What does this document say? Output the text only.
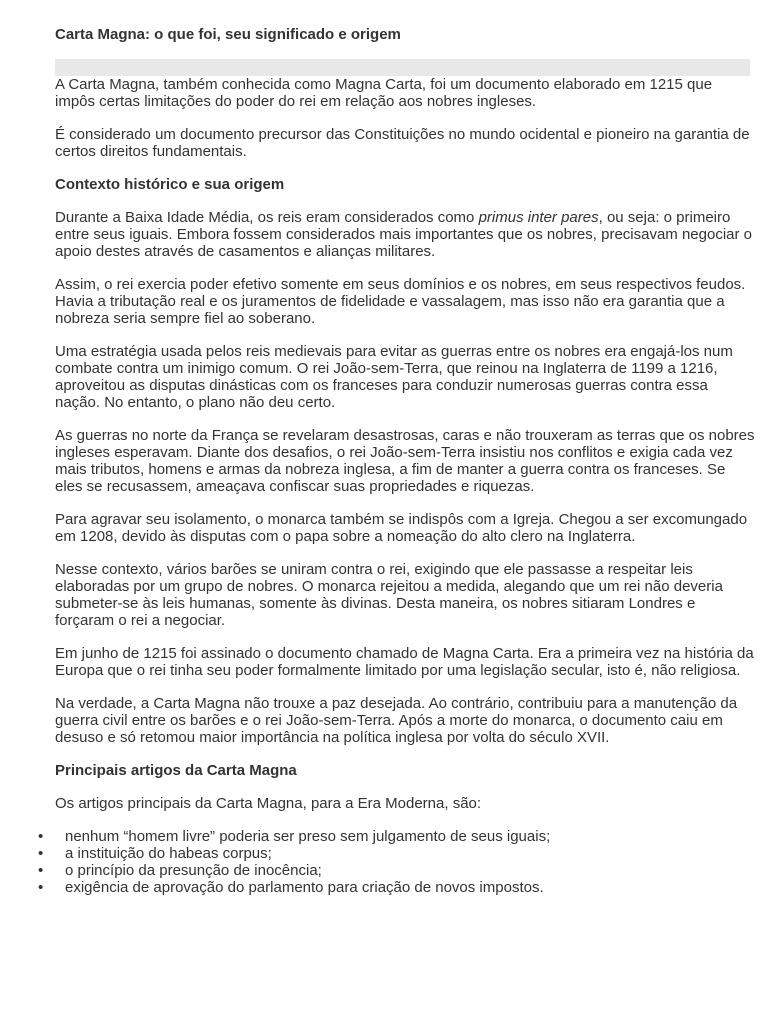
Carta Magna: o que foi, seu significado e origem

A Carta Magna, também conhecida como Magna Carta, foi um documento elaborado em 1215 que impôs certas limitações do poder do rei em relação aos nobres ingleses.

É considerado um documento precursor das Constituições no mundo ocidental e pioneiro na garantia de certos direitos fundamentais.

Contexto histórico e sua origem

Durante a Baixa Idade Média, os reis eram considerados como primus inter pares, ou seja: o primeiro entre seus iguais. Embora fossem considerados mais importantes que os nobres, precisavam negociar o apoio destes através de casamentos e alianças militares.

Assim, o rei exercia poder efetivo somente em seus domínios e os nobres, em seus respectivos feudos. Havia a tributação real e os juramentos de fidelidade e vassalagem, mas isso não era garantia que a nobreza seria sempre fiel ao soberano.

Uma estratégia usada pelos reis medievais para evitar as guerras entre os nobres era engajá-los num combate contra um inimigo comum. O rei João-sem-Terra, que reinou na Inglaterra de 1199 a 1216, aproveitou as disputas dinásticas com os franceses para conduzir numerosas guerras contra essa nação. No entanto, o plano não deu certo.

As guerras no norte da França se revelaram desastrosas, caras e não trouxeram as terras que os nobres ingleses esperavam. Diante dos desafios, o rei João-sem-Terra insistiu nos conflitos e exigia cada vez mais tributos, homens e armas da nobreza inglesa, a fim de manter a guerra contra os franceses. Se eles se recusassem, ameaçava confiscar suas propriedades e riquezas.

Para agravar seu isolamento, o monarca também se indispôs com a Igreja. Chegou a ser excomungado em 1208, devido às disputas com o papa sobre a nomeação do alto clero na Inglaterra.

Nesse contexto, vários barões se uniram contra o rei, exigindo que ele passasse a respeitar leis elaboradas por um grupo de nobres. O monarca rejeitou a medida, alegando que um rei não deveria submeter-se às leis humanas, somente às divinas. Desta maneira, os nobres sitiaram Londres e forçaram o rei a negociar.

Em junho de 1215 foi assinado o documento chamado de Magna Carta. Era a primeira vez na história da Europa que o rei tinha seu poder formalmente limitado por uma legislação secular, isto é, não religiosa.

Na verdade, a Carta Magna não trouxe a paz desejada. Ao contrário, contribuiu para a manutenção da guerra civil entre os barões e o rei João-sem-Terra. Após a morte do monarca, o documento caiu em desuso e só retomou maior importância na política inglesa por volta do século XVII.

Principais artigos da Carta Magna

Os artigos principais da Carta Magna, para a Era Moderna, são:

• nenhum “homem livre” poderia ser preso sem julgamento de seus iguais;
• a instituição do habeas corpus;
• o princípio da presunção de inocência;
• exigência de aprovação do parlamento para criação de novos impostos.
